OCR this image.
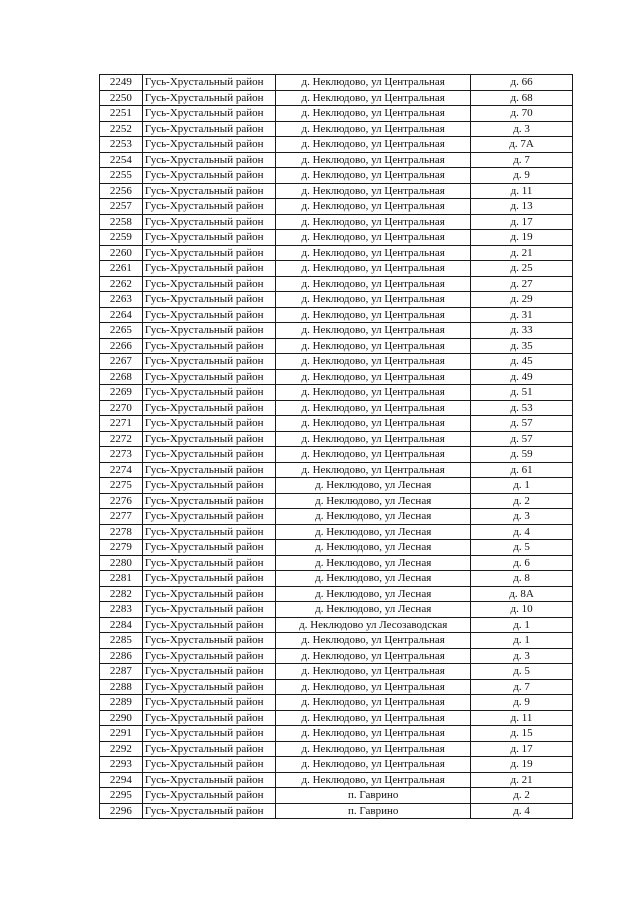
2249	Гусь-Хрустальный район	д. Неклюдово, ул Центральная	д. 66
2250	Гусь-Хрустальный район	д. Неклюдово, ул Центральная	д. 68
2251	Гусь-Хрустальный район	д. Неклюдово, ул Центральная	д. 70
2252	Гусь-Хрустальный район	д. Неклюдово, ул Центральная	д. 3
2253	Гусь-Хрустальный район	д. Неклюдово, ул Центральная	д. 7А
2254	Гусь-Хрустальный район	д. Неклюдово, ул Центральная	д. 7
2255	Гусь-Хрустальный район	д. Неклюдово, ул Центральная	д. 9
2256	Гусь-Хрустальный район	д. Неклюдово, ул Центральная	д. 11
2257	Гусь-Хрустальный район	д. Неклюдово, ул Центральная	д. 13
2258	Гусь-Хрустальный район	д. Неклюдово, ул Центральная	д. 17
2259	Гусь-Хрустальный район	д. Неклюдово, ул Центральная	д. 19
2260	Гусь-Хрустальный район	д. Неклюдово, ул Центральная	д. 21
2261	Гусь-Хрустальный район	д. Неклюдово, ул Центральная	д. 25
2262	Гусь-Хрустальный район	д. Неклюдово, ул Центральная	д. 27
2263	Гусь-Хрустальный район	д. Неклюдово, ул Центральная	д. 29
2264	Гусь-Хрустальный район	д. Неклюдово, ул Центральная	д. 31
2265	Гусь-Хрустальный район	д. Неклюдово, ул Центральная	д. 33
2266	Гусь-Хрустальный район	д. Неклюдово, ул Центральная	д. 35
2267	Гусь-Хрустальный район	д. Неклюдово, ул Центральная	д. 45
2268	Гусь-Хрустальный район	д. Неклюдово, ул Центральная	д. 49
2269	Гусь-Хрустальный район	д. Неклюдово, ул Центральная	д. 51
2270	Гусь-Хрустальный район	д. Неклюдово, ул Центральная	д. 53
2271	Гусь-Хрустальный район	д. Неклюдово, ул Центральная	д. 57
2272	Гусь-Хрустальный район	д. Неклюдово, ул Центральная	д. 57
2273	Гусь-Хрустальный район	д. Неклюдово, ул Центральная	д. 59
2274	Гусь-Хрустальный район	д. Неклюдово, ул Центральная	д. 61
2275	Гусь-Хрустальный район	д. Неклюдово, ул Лесная	д. 1
2276	Гусь-Хрустальный район	д. Неклюдово, ул Лесная	д. 2
2277	Гусь-Хрустальный район	д. Неклюдово, ул Лесная	д. 3
2278	Гусь-Хрустальный район	д. Неклюдово, ул Лесная	д. 4
2279	Гусь-Хрустальный район	д. Неклюдово, ул Лесная	д. 5
2280	Гусь-Хрустальный район	д. Неклюдово, ул Лесная	д. 6
2281	Гусь-Хрустальный район	д. Неклюдово, ул Лесная	д. 8
2282	Гусь-Хрустальный район	д. Неклюдово, ул Лесная	д. 8А
2283	Гусь-Хрустальный район	д. Неклюдово, ул Лесная	д. 10
2284	Гусь-Хрустальный район	д. Неклюдово ул Лесозаводская	д. 1
2285	Гусь-Хрустальный район	д. Неклюдово, ул Центральная	д. 1
2286	Гусь-Хрустальный район	д. Неклюдово, ул Центральная	д. 3
2287	Гусь-Хрустальный район	д. Неклюдово, ул Центральная	д. 5
2288	Гусь-Хрустальный район	д. Неклюдово, ул Центральная	д. 7
2289	Гусь-Хрустальный район	д. Неклюдово, ул Центральная	д. 9
2290	Гусь-Хрустальный район	д. Неклюдово, ул Центральная	д. 11
2291	Гусь-Хрустальный район	д. Неклюдово, ул Центральная	д. 15
2292	Гусь-Хрустальный район	д. Неклюдово, ул Центральная	д. 17
2293	Гусь-Хрустальный район	д. Неклюдово, ул Центральная	д. 19
2294	Гусь-Хрустальный район	д. Неклюдово, ул Центральная	д. 21
2295	Гусь-Хрустальный район	п. Гаврино	д. 2
2296	Гусь-Хрустальный район	п. Гаврино	д. 4
